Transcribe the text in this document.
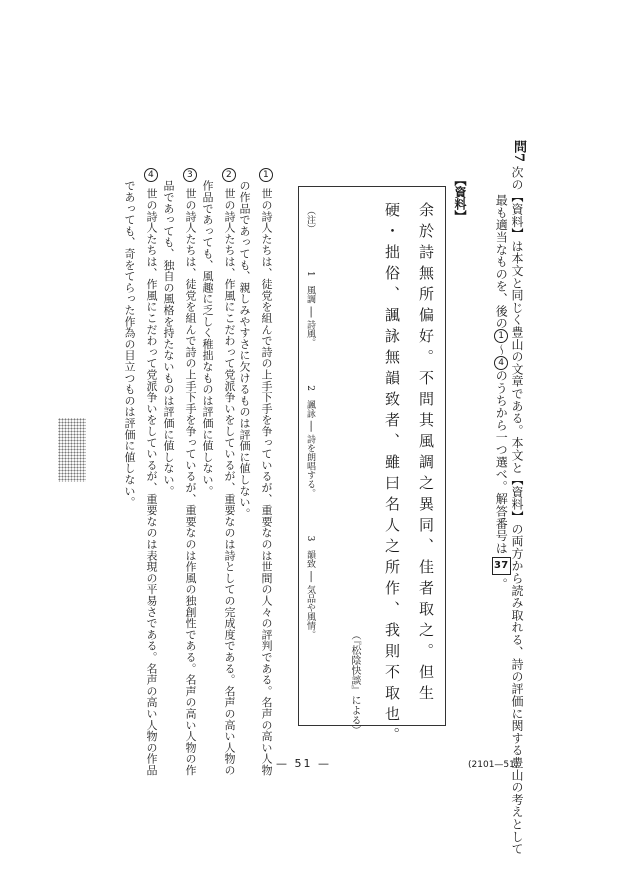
問7
次の【資料】は本文と同じく豊山の文章である。本文と【資料】の両方から読み取れる、詩の評価に関する豊山の考えとして
最も適当なものを、後の1〜4のうちから一つ選べ。解答番号は37。
【資料】
余於詩無所偏好。不問其風調之異同、佳者取之。但生
硬・拙俗、諷詠無韻致者、雖曰名人之所作、我則不取也。
（『松陰快談』による）
（注）1　風調 ── 詩風。2　諷詠 ── 詩を朗唱する。3　韻致 ── 気品や風情。
1世の詩人たちは、徒党を組んで詩の上手下手を争っているが、重要なのは世間の人々の評判である。名声の高い人物
の作品であっても、親しみやすさに欠けるものは評価に値しない。
2世の詩人たちは、作風にこだわって党派争いをしているが、重要なのは詩としての完成度である。名声の高い人物の
作品であっても、風趣に乏しく稚拙なものは評価に値しない。
3世の詩人たちは、徒党を組んで詩の上手下手を争っているが、重要なのは作風の独創性である。名声の高い人物の作
品であっても、独自の風格を持たないものは評価に値しない。
4世の詩人たちは、作風にこだわって党派争いをしているが、重要なのは表現の平易さである。名声の高い人物の作品
であっても、奇をてらった作為の目立つものは評価に値しない。
— 51 —	(2101—51)
